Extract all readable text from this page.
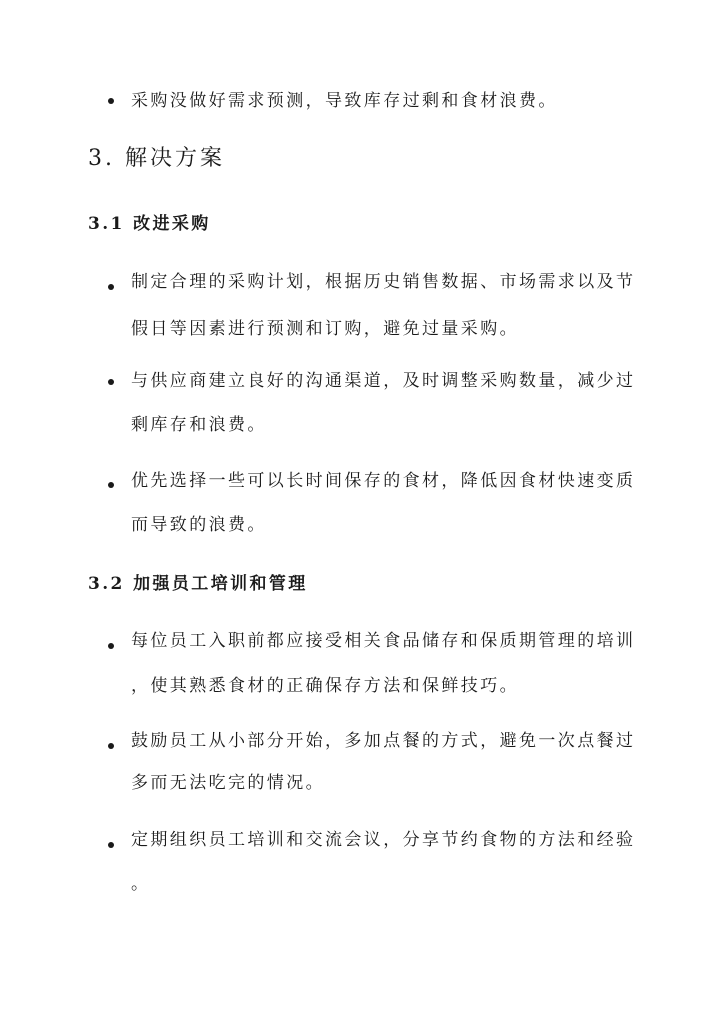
采购没做好需求预测，导致库存过剩和食材浪费。
3. 解决方案
3.1 改进采购
制定合理的采购计划，根据历史销售数据、市场需求以及节
假日等因素进行预测和订购，避免过量采购。
与供应商建立良好的沟通渠道，及时调整采购数量，减少过
剩库存和浪费。
优先选择一些可以长时间保存的食材，降低因食材快速变质
而导致的浪费。
3.2 加强员工培训和管理
每位员工入职前都应接受相关食品储存和保质期管理的培训
，使其熟悉食材的正确保存方法和保鲜技巧。
鼓励员工从小部分开始，多加点餐的方式，避免一次点餐过
多而无法吃完的情况。
定期组织员工培训和交流会议，分享节约食物的方法和经验
。
